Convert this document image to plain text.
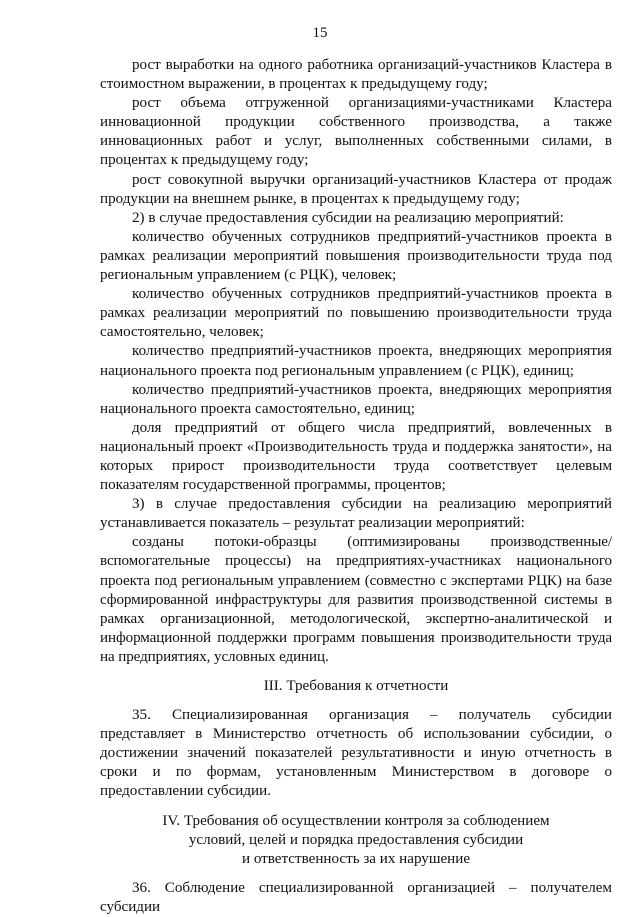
15

рост выработки на одного работника организаций-участников Кластера в стоимостном выражении, в процентах к предыдущему году;

рост объема отгруженной организациями-участниками Кластера инновационной продукции собственного производства, а также инновационных работ и услуг, выполненных собственными силами, в процентах к предыдущему году;

рост совокупной выручки организаций-участников Кластера от продаж продукции на внешнем рынке, в процентах к предыдущему году;

2) в случае предоставления субсидии на реализацию мероприятий:

количество обученных сотрудников предприятий-участников проекта в рамках реализации мероприятий повышения производительности труда под региональным управлением (с РЦК), человек;

количество обученных сотрудников предприятий-участников проекта в рамках реализации мероприятий по повышению производительности труда самостоятельно, человек;

количество предприятий-участников проекта, внедряющих мероприятия национального проекта под региональным управлением (с РЦК), единиц;

количество предприятий-участников проекта, внедряющих мероприятия национального проекта самостоятельно, единиц;

доля предприятий от общего числа предприятий, вовлеченных в национальный проект «Производительность труда и поддержка занятости», на которых прирост производительности труда соответствует целевым показателям государственной программы, процентов;

3) в случае предоставления субсидии на реализацию мероприятий устанавливается показатель – результат реализации мероприятий:

созданы потоки-образцы (оптимизированы производственные/ вспомогательные процессы) на предприятиях-участниках национального проекта под региональным управлением (совместно с экспертами РЦК) на базе сформированной инфраструктуры для развития производственной системы в рамках организационной, методологической, экспертно-аналитической и информационной поддержки программ повышения производительности труда на предприятиях, условных единиц.

III. Требования к отчетности

35. Специализированная организация – получатель субсидии представляет в Министерство отчетность об использовании субсидии, о достижении значений показателей результативности и иную отчетность в сроки и по формам, установленным Министерством в договоре о предоставлении субсидии.

IV. Требования об осуществлении контроля за соблюдением

условий, целей и порядка предоставления субсидии

и ответственность за их нарушение

36. Соблюдение специализированной организацией – получателем субсидии
